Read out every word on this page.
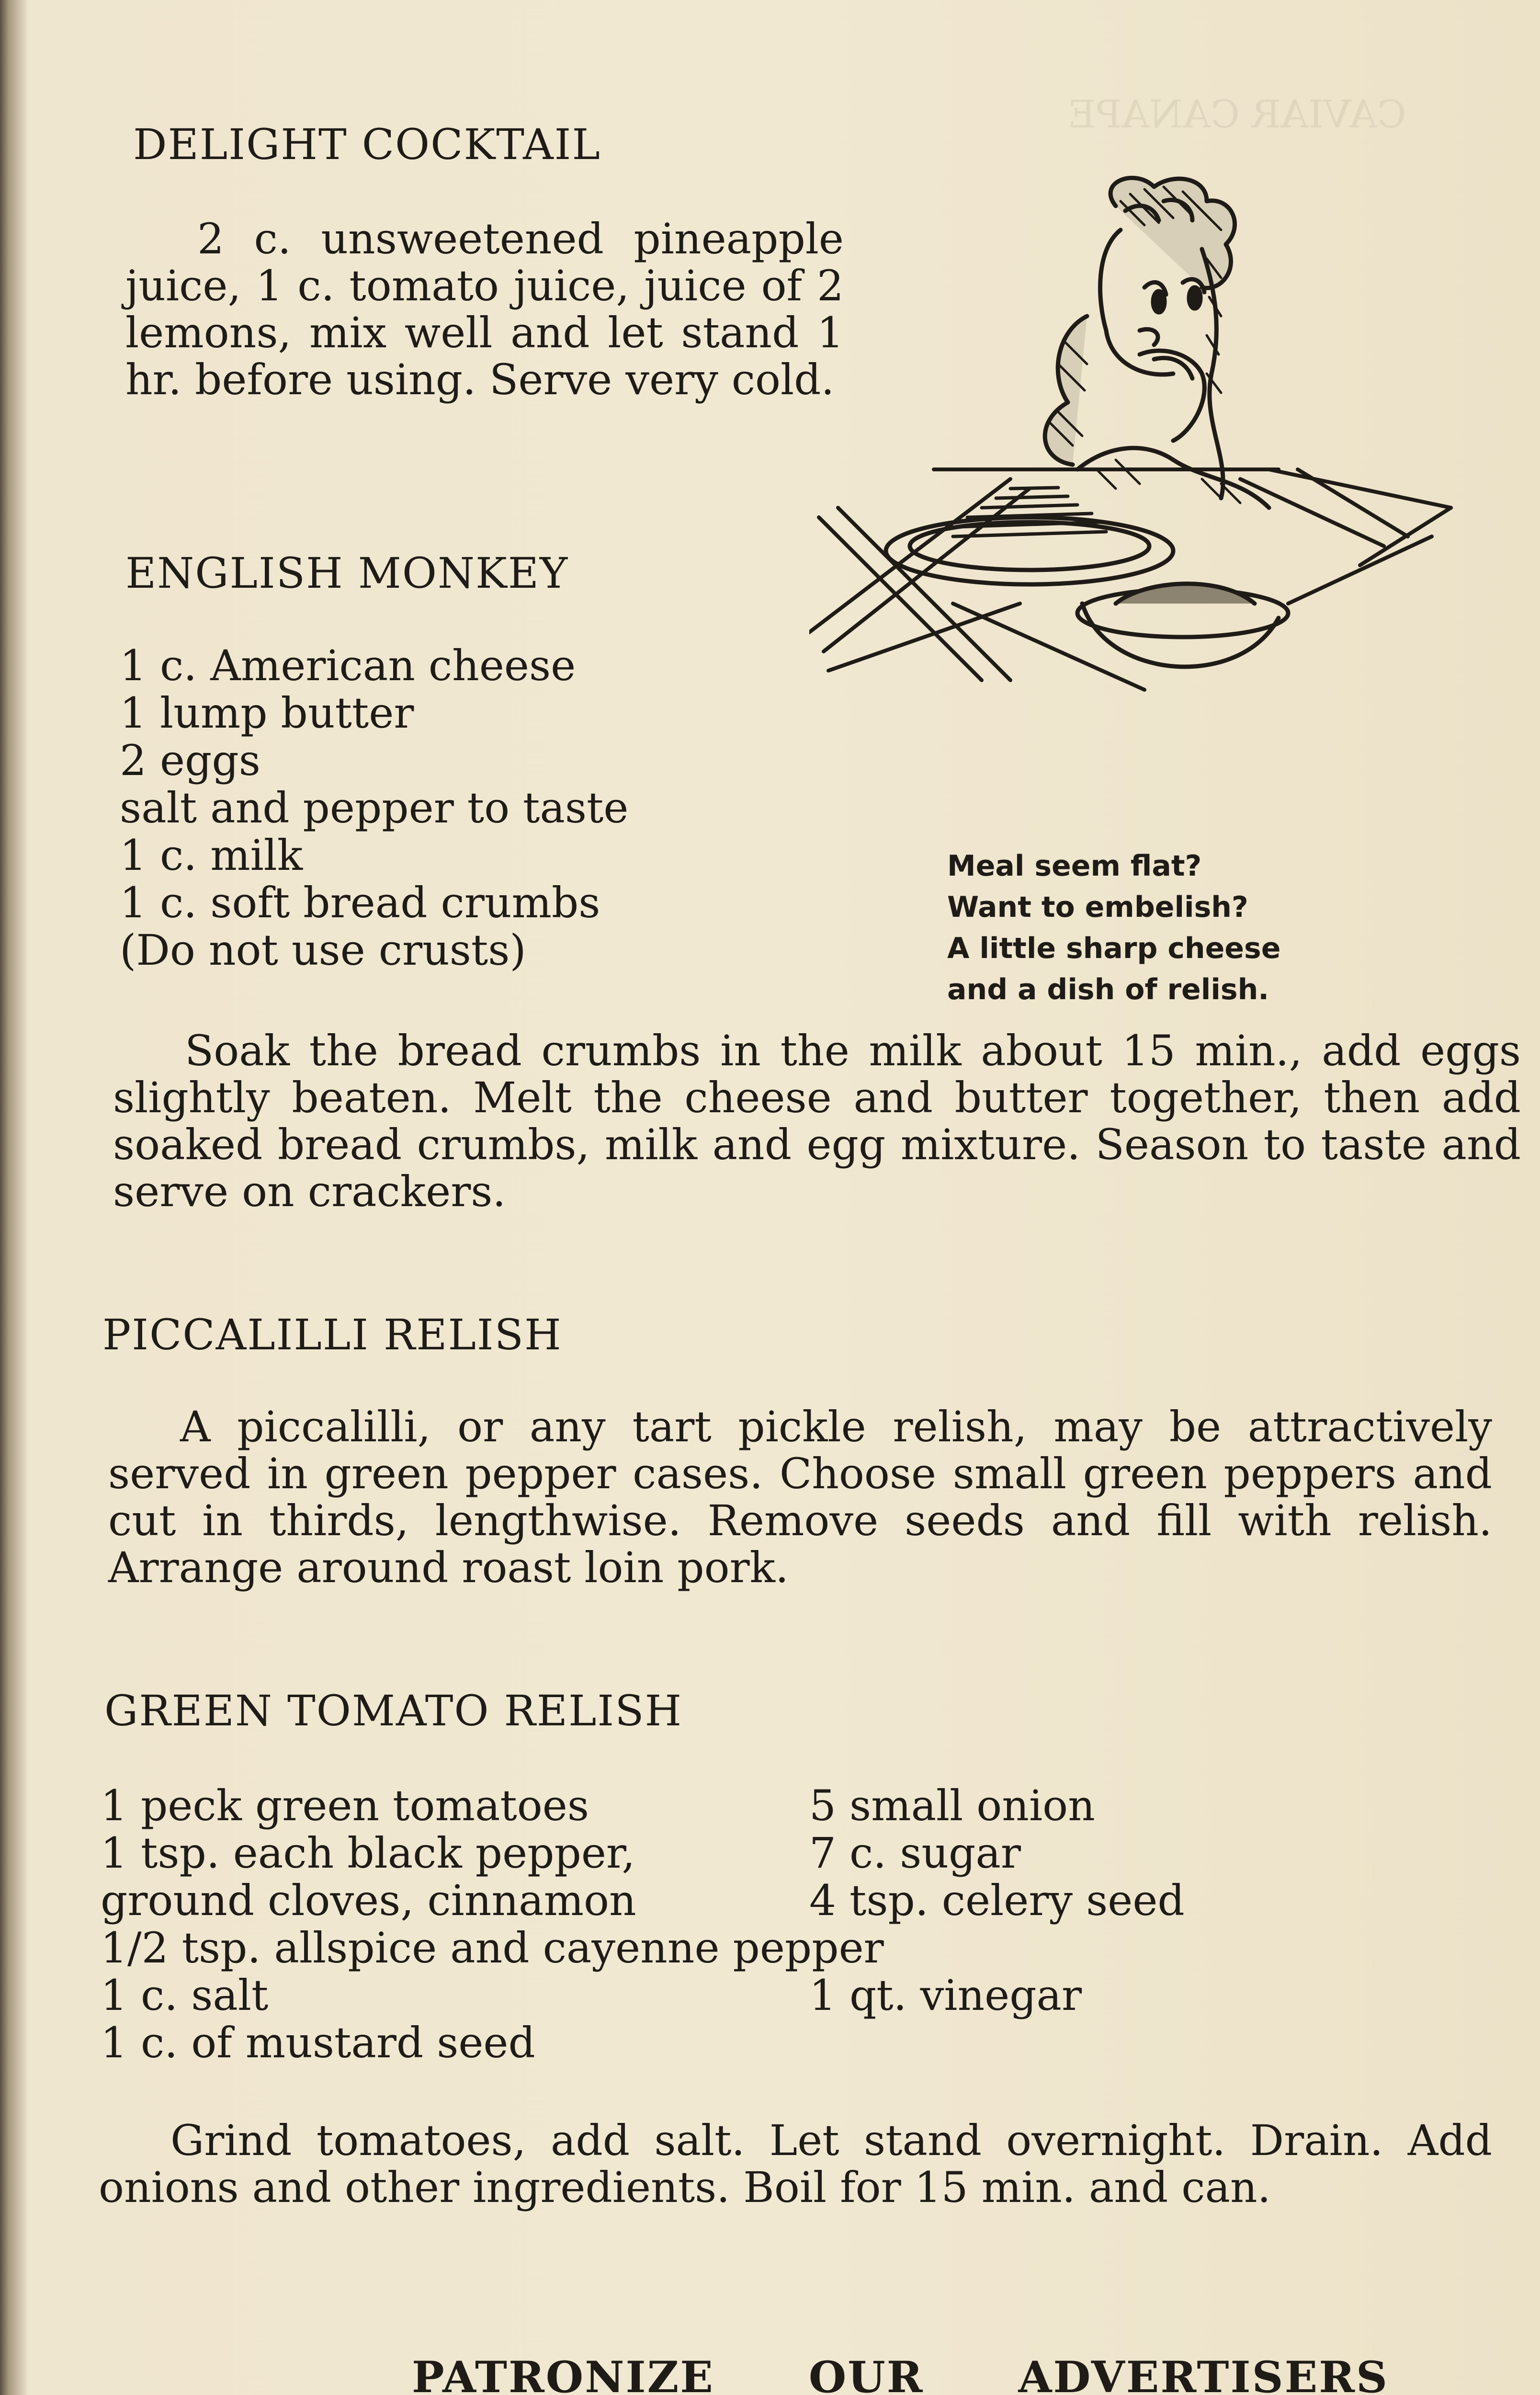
CAVIAR CANAPE
DELIGHT COCKTAIL
2 c. unsweetened pineapple juice, 1 c. tomato juice, juice of 2 lemons, mix well and let stand 1 hr. before using. Serve very cold.
ENGLISH MONKEY
1 c. American cheese
1 lump butter
2 eggs
salt and pepper to taste
1 c. milk
1 c. soft bread crumbs
(Do not use crusts)
Meal seem flat?
Want to embelish?
A little sharp cheese
and a dish of relish.
Soak the bread crumbs in the milk about 15 min., add eggs slightly beaten. Melt the cheese and butter together, then add soaked bread crumbs, milk and egg mixture. Season to taste and serve on crackers.
PICCALILLI RELISH
A piccalilli, or any tart pickle relish, may be attractively served in green pepper cases. Choose small green peppers and cut in thirds, lengthwise. Remove seeds and fill with relish. Arrange around roast loin pork.
GREEN TOMATO RELISH
1 peck green tomatoes
1 tsp. each black pepper,
ground cloves, cinnamon
1/2 tsp. allspice and cayenne pepper
1 c. salt
1 c. of mustard seed
5 small onion
7 c. sugar
4 tsp. celery seed
1 qt. vinegar
Grind tomatoes, add salt. Let stand overnight. Drain. Add onions and other ingredients. Boil for 15 min. and can.
PATRONIZE OUR ADVERTISERS
